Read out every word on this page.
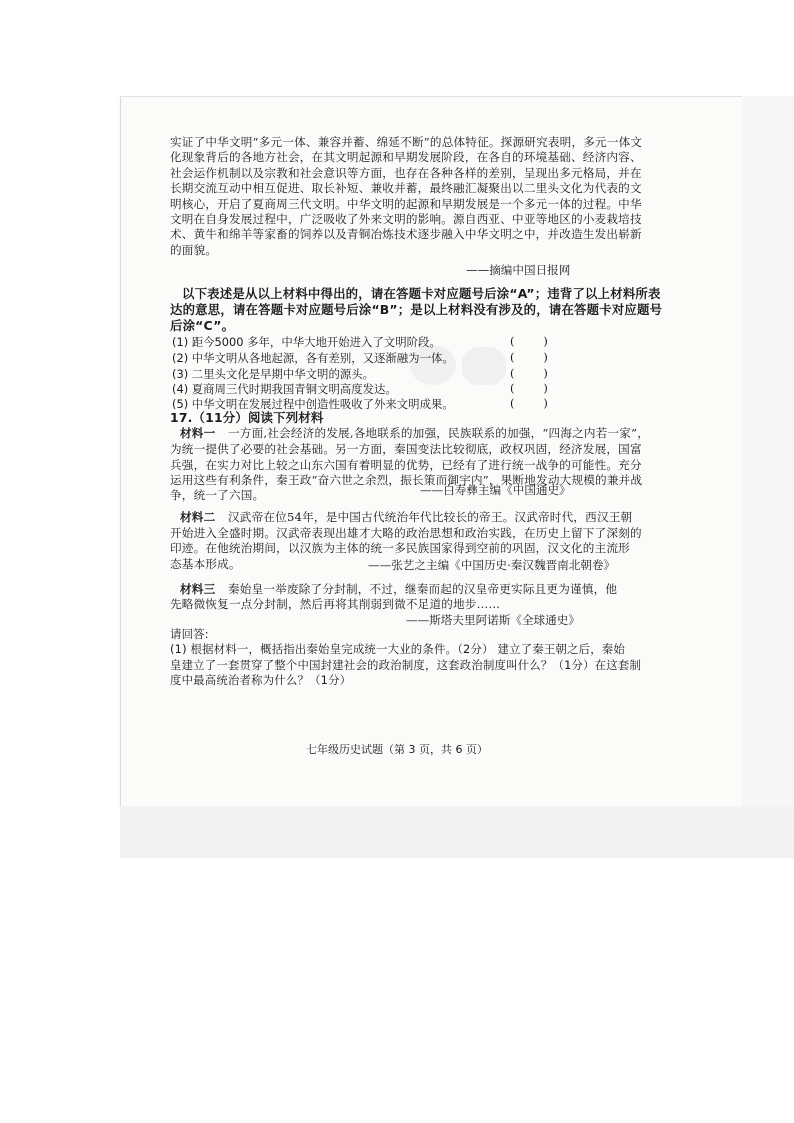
实证了中华文明“多元一体、兼容并蓄、绵延不断”的总体特征。探源研究表明，多元一体文
化现象背后的各地方社会，在其文明起源和早期发展阶段，在各自的环境基础、经济内容、
社会运作机制以及宗教和社会意识等方面，也存在各种各样的差别，呈现出多元格局，并在
长期交流互动中相互促进、取长补短、兼收并蓄，最终融汇凝聚出以二里头文化为代表的文
明核心，开启了夏商周三代文明。中华文明的起源和早期发展是一个多元一体的过程。中华
文明在自身发展过程中，广泛吸收了外来文明的影响。源自西亚、中亚等地区的小麦栽培技
术、黄牛和绵羊等家畜的饲养以及青铜冶炼技术逐步融入中华文明之中，并改造生发出崭新
的面貌。
——摘编中国日报网
以下表述是从以上材料中得出的，请在答题卡对应题号后涂“A”；违背了以上材料所表
达的意思，请在答题卡对应题号后涂“B”；是以上材料没有涉及的，请在答题卡对应题号
后涂“C”。
(1) 距今5000 多年，中华大地开始进入了文明阶段。	(        )
(2) 中华文明从各地起源，各有差别，又逐渐融为一体。	(        )
(3) 二里头文化是早期中华文明的源头。	(        )
(4) 夏商周三代时期我国青铜文明高度发达。	(        )
(5) 中华文明在发展过程中创造性吸收了外来文明成果。	(        )
17.（11分）阅读下列材料
材料一 一方面,社会经济的发展,各地联系的加强，民族联系的加强，“四海之内若一家”，
为统一提供了必要的社会基础。另一方面，秦国变法比较彻底，政权巩固，经济发展，国富
兵强，在实力对比上较之山东六国有着明显的优势，已经有了进行统一战争的可能性。充分
运用这些有利条件，秦王政“奋六世之余烈，振长策而御宇内”，果断地发动大规模的兼并战
争，统一了六国。	——白寿彝主编《中国通史》
材料二 汉武帝在位54年，是中国古代统治年代比较长的帝王。汉武帝时代，西汉王朝
开始进入全盛时期。汉武帝表现出雄才大略的政治思想和政治实践，在历史上留下了深刻的
印迹。在他统治期间，以汉族为主体的统一多民族国家得到空前的巩固，汉文化的主流形
态基本形成。	——张艺之主编《中国历史·秦汉魏晋南北朝卷》
材料三 秦始皇一举废除了分封制，不过，继秦而起的汉皇帝更实际且更为谨慎，他
先略微恢复一点分封制，然后再将其削弱到微不足道的地步……
——斯塔夫里阿诺斯《全球通史》
请回答:
(1) 根据材料一，概括指出秦始皇完成统一大业的条件。（2分） 建立了秦王朝之后，秦始
皇建立了一套贯穿了整个中国封建社会的政治制度，这套政治制度叫什么？（1分）在这套制
度中最高统治者称为什么？（1分）
七年级历史试题（第 3 页，共 6 页）
